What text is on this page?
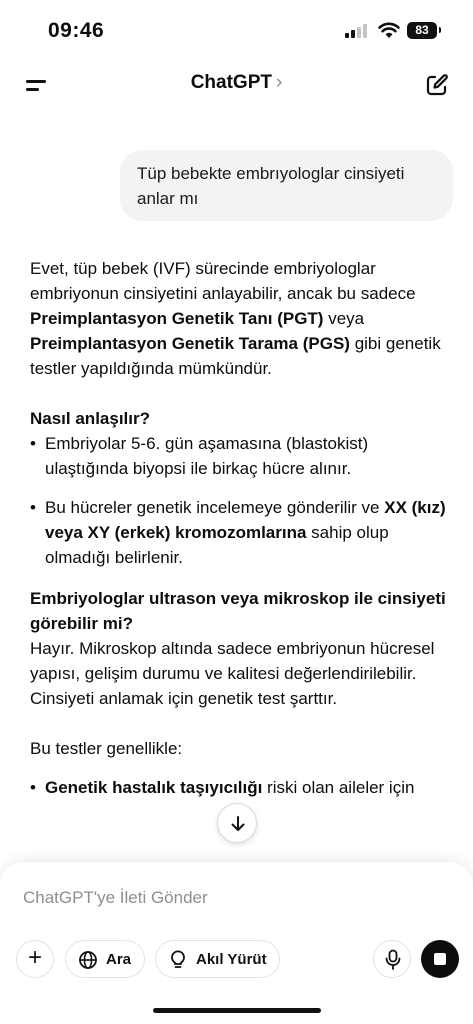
09:46	83
ChatGPT ›
Tüp bebekte embrıyologlar cinsiyeti anlar mı

Evet, tüp bebek (IVF) sürecinde embriyologlar embriyonun cinsiyetini anlayabilir, ancak bu sadece Preimplantasyon Genetik Tanı (PGT) veya Preimplantasyon Genetik Tarama (PGS) gibi genetik testler yapıldığında mümkündür.

Nasıl anlaşılır?

• Embriyolar 5-6. gün aşamasına (blastokist) ulaştığında biyopsi ile birkaç hücre alınır.
• Bu hücreler genetik incelemeye gönderilir ve XX (kız) veya XY (erkek) kromozomlarına sahip olup olmadığı belirlenir.

Embriyologlar ultrason veya mikroskop ile cinsiyeti görebilir mi?

Hayır. Mikroskop altında sadece embriyonun hücresel yapısı, gelişim durumu ve kalitesi değerlendirilebilir. Cinsiyeti anlamak için genetik test şarttır.

Bu testler genellikle:

• Genetik hastalık taşıyıcılığı riski olan aileler için
ChatGPT'ye İleti Gönder
+	Ara	Akıl Yürüt
